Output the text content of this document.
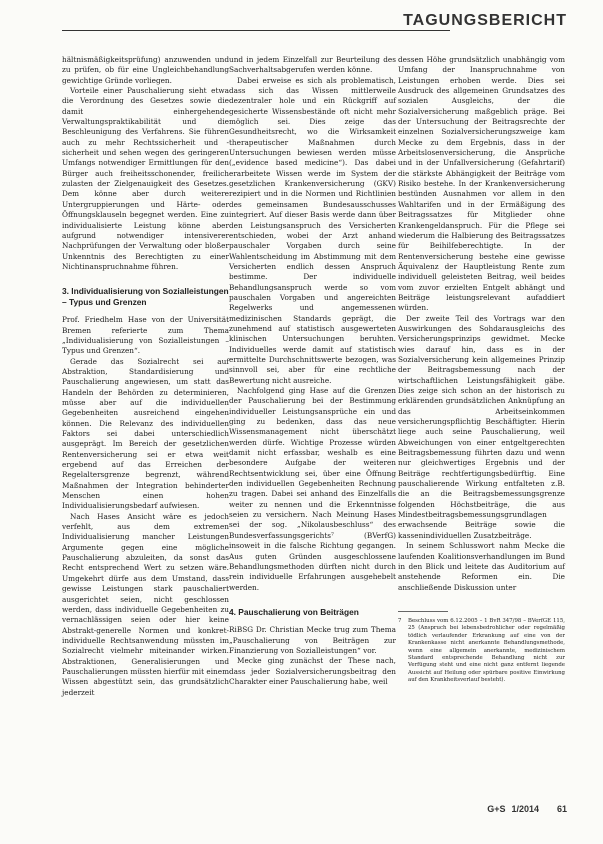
TAGUNGSBERICHT

hältnismäßigkeitsprüfung) anzuwenden und zu prüfen, ob für eine Ungleichbehandlung gewichtige Gründe vorliegen.

Vorteile einer Pauschalierung sieht etwa die Verordnung des Gesetzes sowie die damit einhergehende Verwaltungspraktikabilität und die Beschleunigung des Verfahrens. Sie führen auch zu mehr Rechtssicherheit und -sicherheit und sehen wegen des geringeren Umfangs notwendiger Ermittlungen für den Bürger auch freiheitsschonender, freilich zulasten der Zielgenauigkeit des Gesetzes. Dem könne aber durch weitere Untergruppierungen und Härte- oder Öffnungsklauseln begegnet werden. Eine zu individualisierte Leistung könne aber aufgrund notwendiger intensiverer Nachprüfungen der Verwaltung oder bloßer Unkenntnis des Berechtigten zu einer Nichtinanspruchnahme führen.

3. Individualisierung von Sozialleistungen – Typus und Grenzen

Prof. Friedhelm Hase von der Universität Bremen referierte zum Thema „Individualisierung von Sozialleistungen – Typus und Grenzen“.

Gerade das Sozialrecht sei auf Abstraktion, Standardisierung und Pauschalierung angewiesen, um statt das Handeln der Behörden zu determinieren, müsse aber auf die individuellen Gegebenheiten ausreichend eingehen können. Die Relevanz des individuellen Faktors sei dabei unterschiedlich ausgeprägt. Im Bereich der gesetzlichen Rentenversicherung sei er etwa weit ergebend auf das Erreichen der Regelaltersgrenze begrenzt, während Maßnahmen der Integration behinderter Menschen einen hohen Individualisierungsbedarf aufwiesen.

Nach Hases Ansicht wäre es jedoch verfehlt, aus dem extremen Individualisierung mancher Leistungen Argumente gegen eine mögliche Pauschalierung abzuleiten, da sonst das Recht entsprechend Wert zu setzen wäre. Umgekehrt dürfe aus dem Umstand, dass gewisse Leistungen stark pauschaliert ausgerichtet seien, nicht geschlossen werden, dass individuelle Gegebenheiten zu vernachlässigen seien oder hier keine Abstrakt-generelle Normen und konkret-individuelle Rechtsanwendung müssten im Sozialrecht vielmehr miteinander wirken. Abstraktionen, Generalisierungen und Pauschalierungen müssten hierfür mit einem Wissen abgestützt sein, das grundsätzlich jederzeit

und in jedem Einzelfall zur Beurteilung des Sachverhaltsabgerufen werden könne.

Dabei erweise es sich als problematisch, dass sich das Wissen mittlerweile dezentraler hole und ein Rückgriff auf gesicherte Wissensbestände oft nicht mehr möglich sei. Dies zeige das Gesundheitsrecht, wo die Wirksamkeit therapeutischer Maßnahmen durch Untersuchungen bewiesen werden müsse („evidence based medicine“). Das dabei erarbeitete Wissen werde im System der gesetzlichen Krankenversicherung (GKV) rezipiert und in die Normen und Richtlinien des gemeinsamen Bundesausschusses integriert. Auf dieser Basis werde dann über den Leistungsanspruch des Versicherten entschieden, wobei der Arzt anhand pauschaler Vorgaben durch seine Wahlentscheidung im Abstimmung mit dem Versicherten endlich dessen Anspruch bestimme. Der individuelle Behandlungsanspruch werde so vom pauschalen Vorgaben und angereichten Regelwerks und angemessenen medizinischen Standards geprägt, die zunehmend auf statistisch ausgewerteten klinischen Untersuchungen beruhten. Individuelles werde damit auf statistisch ermittelte Durchschnittswerte bezogen, was sinnvoll sei, aber für eine rechtliche Bewertung nicht ausreiche.

Nachfolgend ging Hase auf die Grenzen der Pauschalierung bei der Bestimmung individueller Leistungsansprüche ein und ging zu bedenken, dass das neue Wissensmanagement nicht überschätzt werden dürfe. Wichtige Prozesse würden damit nicht erfassbar, weshalb es eine besondere Aufgabe der weiteren Rechtsentwicklung sei, über eine Öffnung den individuellen Gegebenheiten Rechnung zu tragen. Dabei sei anhand des Einzelfalls weiter zu nennen und die Erkenntnisse seien zu versichern. Nach Meinung Hases sei der sog. „Nikolausbeschluss“ des Bundesverfassungsgerichts⁷ (BVerfG) insoweit in die falsche Richtung gegangen. Aus guten Gründen ausgeschlossene Behandlungsmethoden dürften nicht durch rein individuelle Erfahrungen ausgehebelt werden.

4. Pauschalierung von Beiträgen

RiBSG Dr. Christian Mecke trug zum Thema „Pauschalierung von Beiträgen zur Finanzierung von Sozialleistungen“ vor.

Mecke ging zunächst der These nach, dass jeder Sozialversicherungsbeitrag den Charakter einer Pauschalierung habe, weil

dessen Höhe grundsätzlich unabhängig vom Umfang der Inanspruchnahme von Leistungen erhoben werde. Dies sei Ausdruck des allgemeinen Grundsatzes des sozialen Ausgleichs, der die Sozialversicherung maßgeblich präge. Bei der Untersuchung der Beitragsrechte der einzelnen Sozialversicherungszweige kam Mecke zu dem Ergebnis, dass in der Arbeitslosenversicherung, die Ansprüche und in der Unfallversicherung (Gefahrtarif) die stärkste Abhängigkeit der Beiträge vom Risiko bestehe. In der Krankenversicherung bestünden Ausnahmen vor allem in den Wahltarifen und in der Ermäßigung des Beitragssatzes für Mitglieder ohne Krankengeldanspruch. Für die Pflege sei wiederum die Halbierung des Beitragssatzes für Beihilfeberechtigte. In der Rentenversicherung bestehe eine gewisse Äquivalenz der Hauptleistung Rente zum individuell geleisteten Beitrag, weil beides vom zuvor erzielten Entgelt abhängt und Beiträge leistungsrelevant aufaddiert würden.

Der zweite Teil des Vortrags war den Auswirkungen des Sohdarausgleichs des Versicherungsprinzips gewidmet. Mecke wies darauf hin, dass es in der Sozialversicherung kein allgemeines Prinzip der Beitragsbemessung nach der wirtschaftlichen Leistungsfähigkeit gäbe. Dies zeige sich schon an der historisch zu erklärenden grundsätzlichen Anknüpfung an das Arbeitseinkommen versicherungspflichtig Beschäftigter. Hierin liege auch seine Pauschalierung, weil Abweichungen von einer entgeltgerechten Beitragsbemessung führten dazu und wenn nur gleichwertiges Ergebnis und der Beiträge rechtfertigungsbedürftig. Eine pauschalierende Wirkung entfalteten z.B. die an die Beitragsbemessungsgrenze folgenden Höchstbeiträge, die aus Mindestbeitragsbemessungsgrundlagen erwachsende Beiträge sowie die kassenindividuellen Zusatzbeiträge.

In seinem Schlusswort nahm Mecke die laufenden Koalitionsverhandlungen im Bund in den Blick und leitete das Auditorium auf anstehende Reformen ein. Die anschließende Diskussion unter

7	Beschluss vom 6.12.2005 – 1 BvR 347/98 – BVerfGE 115, 25 (Anspruch bei lebensbedrohlicher oder regelmäßig tödlich verlaufender Erkrankung auf eine von der Krankenkasse nicht anerkannte Behandlungsmethode, wenn eine allgemein anerkannte, medizinischem Standard entsprechende Behandlung nicht zur Verfügung steht und eine nicht ganz entfernt liegende Aussicht auf Heilung oder spürbare positive Einwirkung auf den Krankheitsverlauf besteht).
G+S 1/2014 61
